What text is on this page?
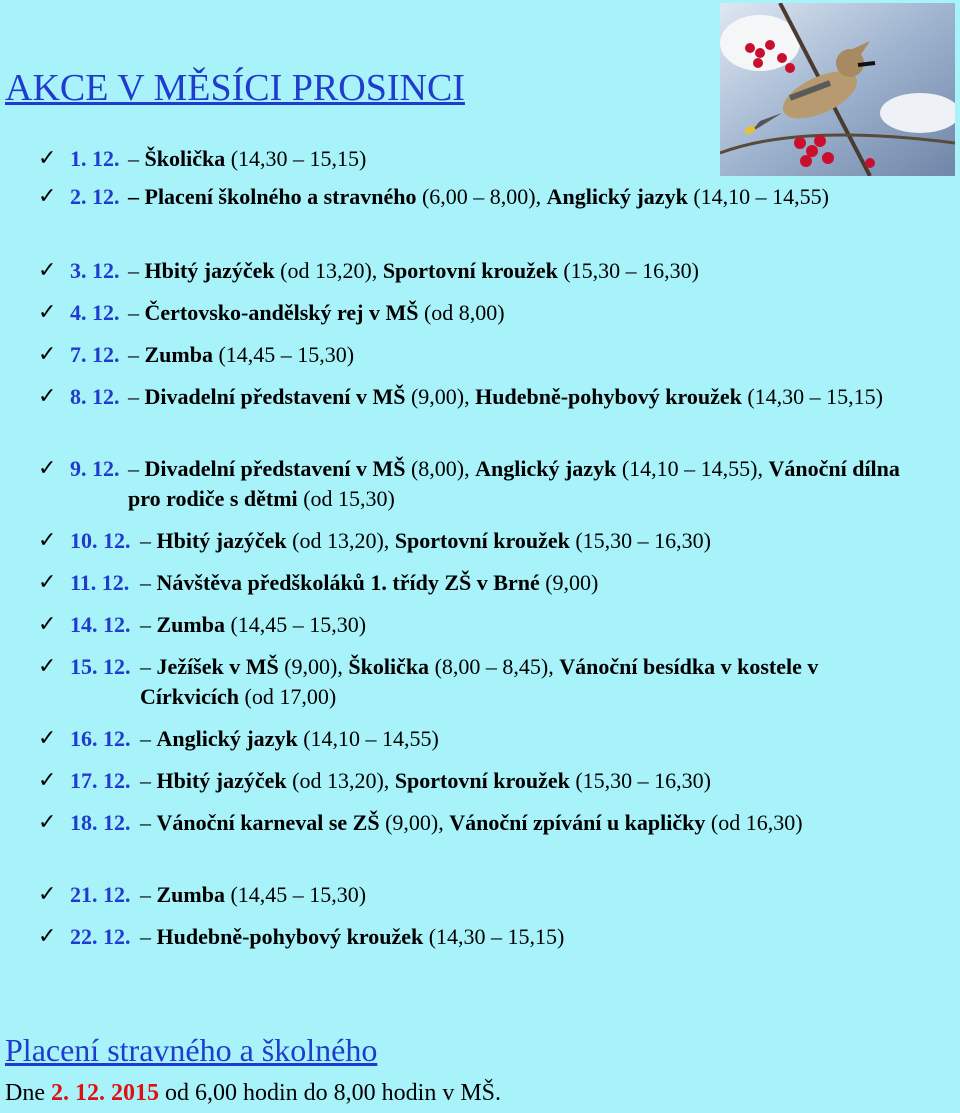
AKCE V MĚSÍCI PROSINCI
✓ 1. 12. – Školička (14,30 – 15,15)
✓ 2. 12. – Placení školného a stravného (6,00 – 8,00), Anglický jazyk (14,10 – 14,55)
✓ 3. 12. – Hbitý jazýček (od 13,20), Sportovní kroužek (15,30 – 16,30)
✓ 4. 12. – Čertovsko-andělský rej v MŠ (od 8,00)
✓ 7. 12. – Zumba (14,45 – 15,30)
✓ 8. 12. – Divadelní představení v MŠ (9,00), Hudebně-pohybový kroužek (14,30 – 15,15)
✓ 9. 12. – Divadelní představení v MŠ (8,00), Anglický jazyk (14,10 – 14,55), Vánoční dílna pro rodiče s dětmi (od 15,30)
✓ 10. 12. – Hbitý jazýček (od 13,20), Sportovní kroužek (15,30 – 16,30)
✓ 11. 12. – Návštěva předškoláků 1. třídy ZŠ v Brné (9,00)
✓ 14. 12. – Zumba (14,45 – 15,30)
✓ 15. 12. – Ježíšek v MŠ (9,00), Školička (8,00 – 8,45), Vánoční besídka v kostele v Církvicích (od 17,00)
✓ 16. 12. – Anglický jazyk (14,10 – 14,55)
✓ 17. 12. – Hbitý jazýček (od 13,20), Sportovní kroužek (15,30 – 16,30)
✓ 18. 12. – Vánoční karneval se ZŠ (9,00), Vánoční zpívání u kapličky (od 16,30)
✓ 21. 12. – Zumba (14,45 – 15,30)
✓ 22. 12. – Hudebně-pohybový kroužek (14,30 – 15,15)
Placení stravného a školného
Dne 2. 12. 2015 od 6,00 hodin do 8,00 hodin v MŠ.
